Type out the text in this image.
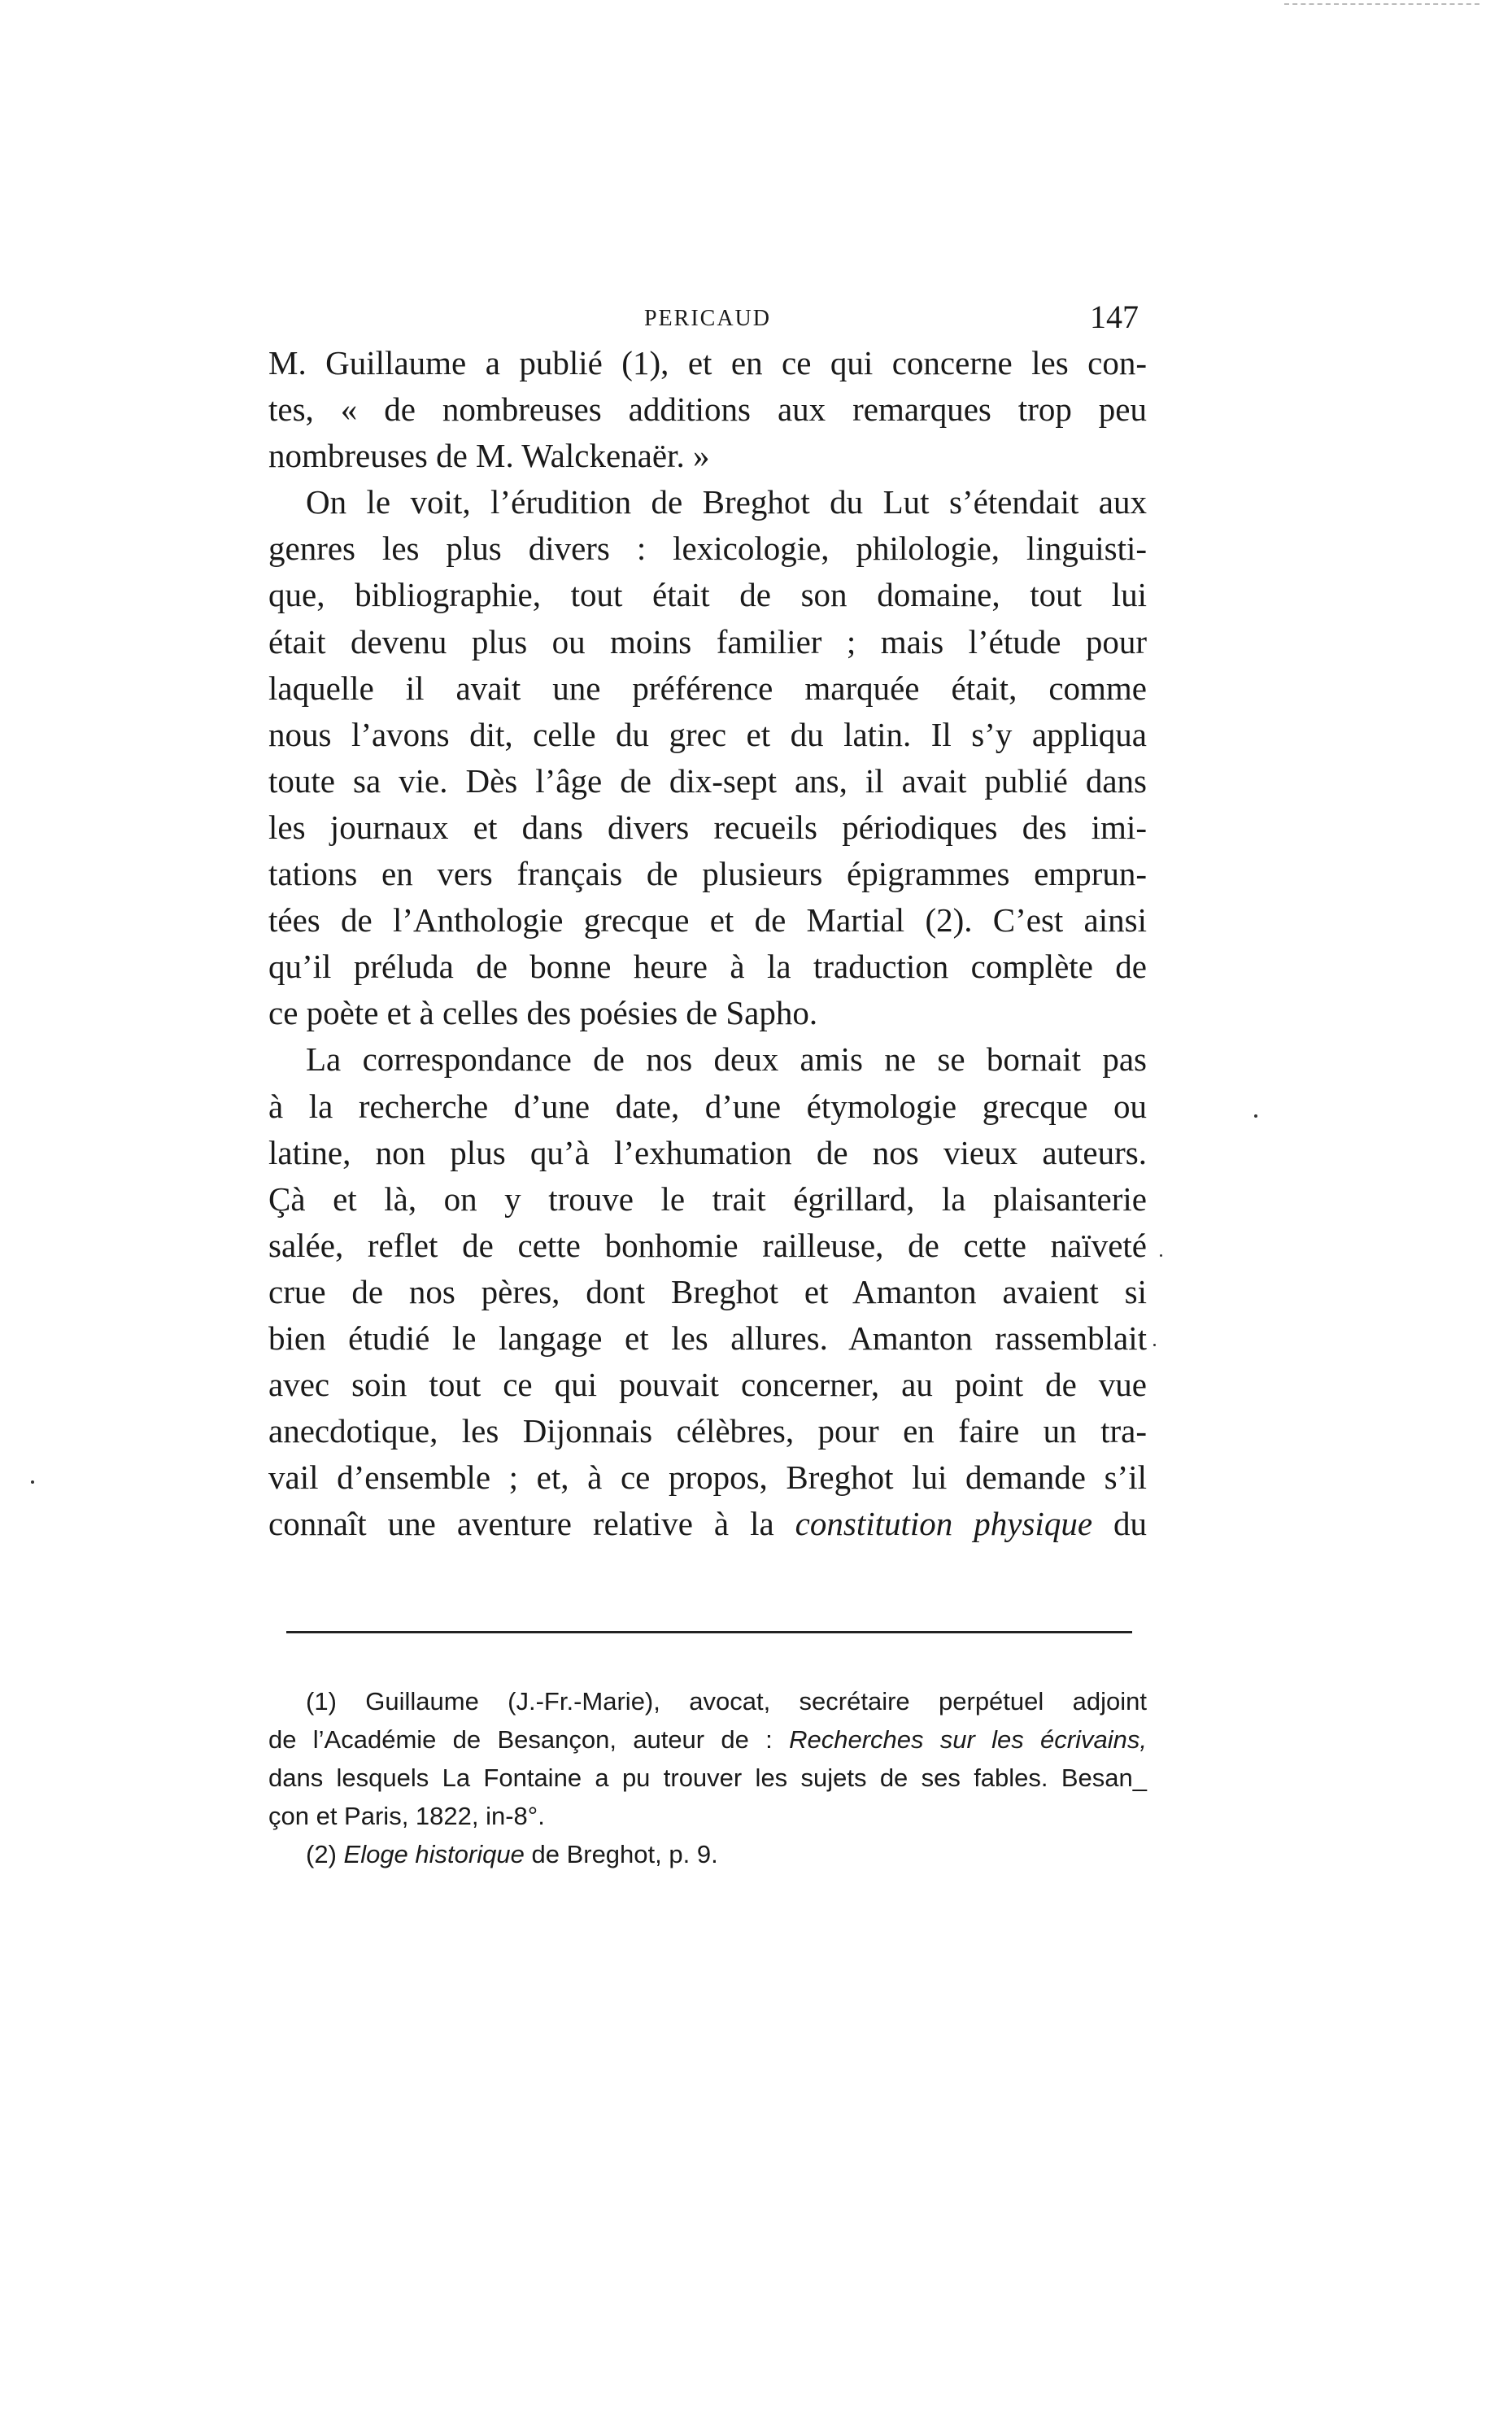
PERICAUD	147
M. Guillaume a publié (1), et en ce qui concerne les con-
tes, « de nombreuses additions aux remarques trop peu
nombreuses de M. Walckenaër. »
On le voit, l’érudition de Breghot du Lut s’étendait aux
genres les plus divers : lexicologie, philologie, linguisti-
que, bibliographie, tout était de son domaine, tout lui
était devenu plus ou moins familier ; mais l’étude pour
laquelle il avait une préférence marquée était, comme
nous l’avons dit, celle du grec et du latin. Il s’y appliqua
toute sa vie. Dès l’âge de dix-sept ans, il avait publié dans
les journaux et dans divers recueils périodiques des imi-
tations en vers français de plusieurs épigrammes emprun-
tées de l’Anthologie grecque et de Martial (2). C’est ainsi
qu’il préluda de bonne heure à la traduction complète de
ce poète et à celles des poésies de Sapho.
La correspondance de nos deux amis ne se bornait pas
à la recherche d’une date, d’une étymologie grecque ou
latine, non plus qu’à l’exhumation de nos vieux auteurs.
Çà et là, on y trouve le trait égrillard, la plaisanterie
salée, reflet de cette bonhomie railleuse, de cette naïveté
crue de nos pères, dont Breghot et Amanton avaient si
bien étudié le langage et les allures. Amanton rassemblait
avec soin tout ce qui pouvait concerner, au point de vue
anecdotique, les Dijonnais célèbres, pour en faire un tra-
vail d’ensemble ; et, à ce propos, Breghot lui demande s’il
connaît une aventure relative à la constitution physique du
(1) Guillaume (J.-Fr.-Marie), avocat, secrétaire perpétuel adjoint
de l’Académie de Besançon, auteur de : Recherches sur les écrivains,
dans lesquels La Fontaine a pu trouver les sujets de ses fables. Besan_
çon et Paris, 1822, in-8°.
(2) Eloge historique de Breghot, p. 9.
